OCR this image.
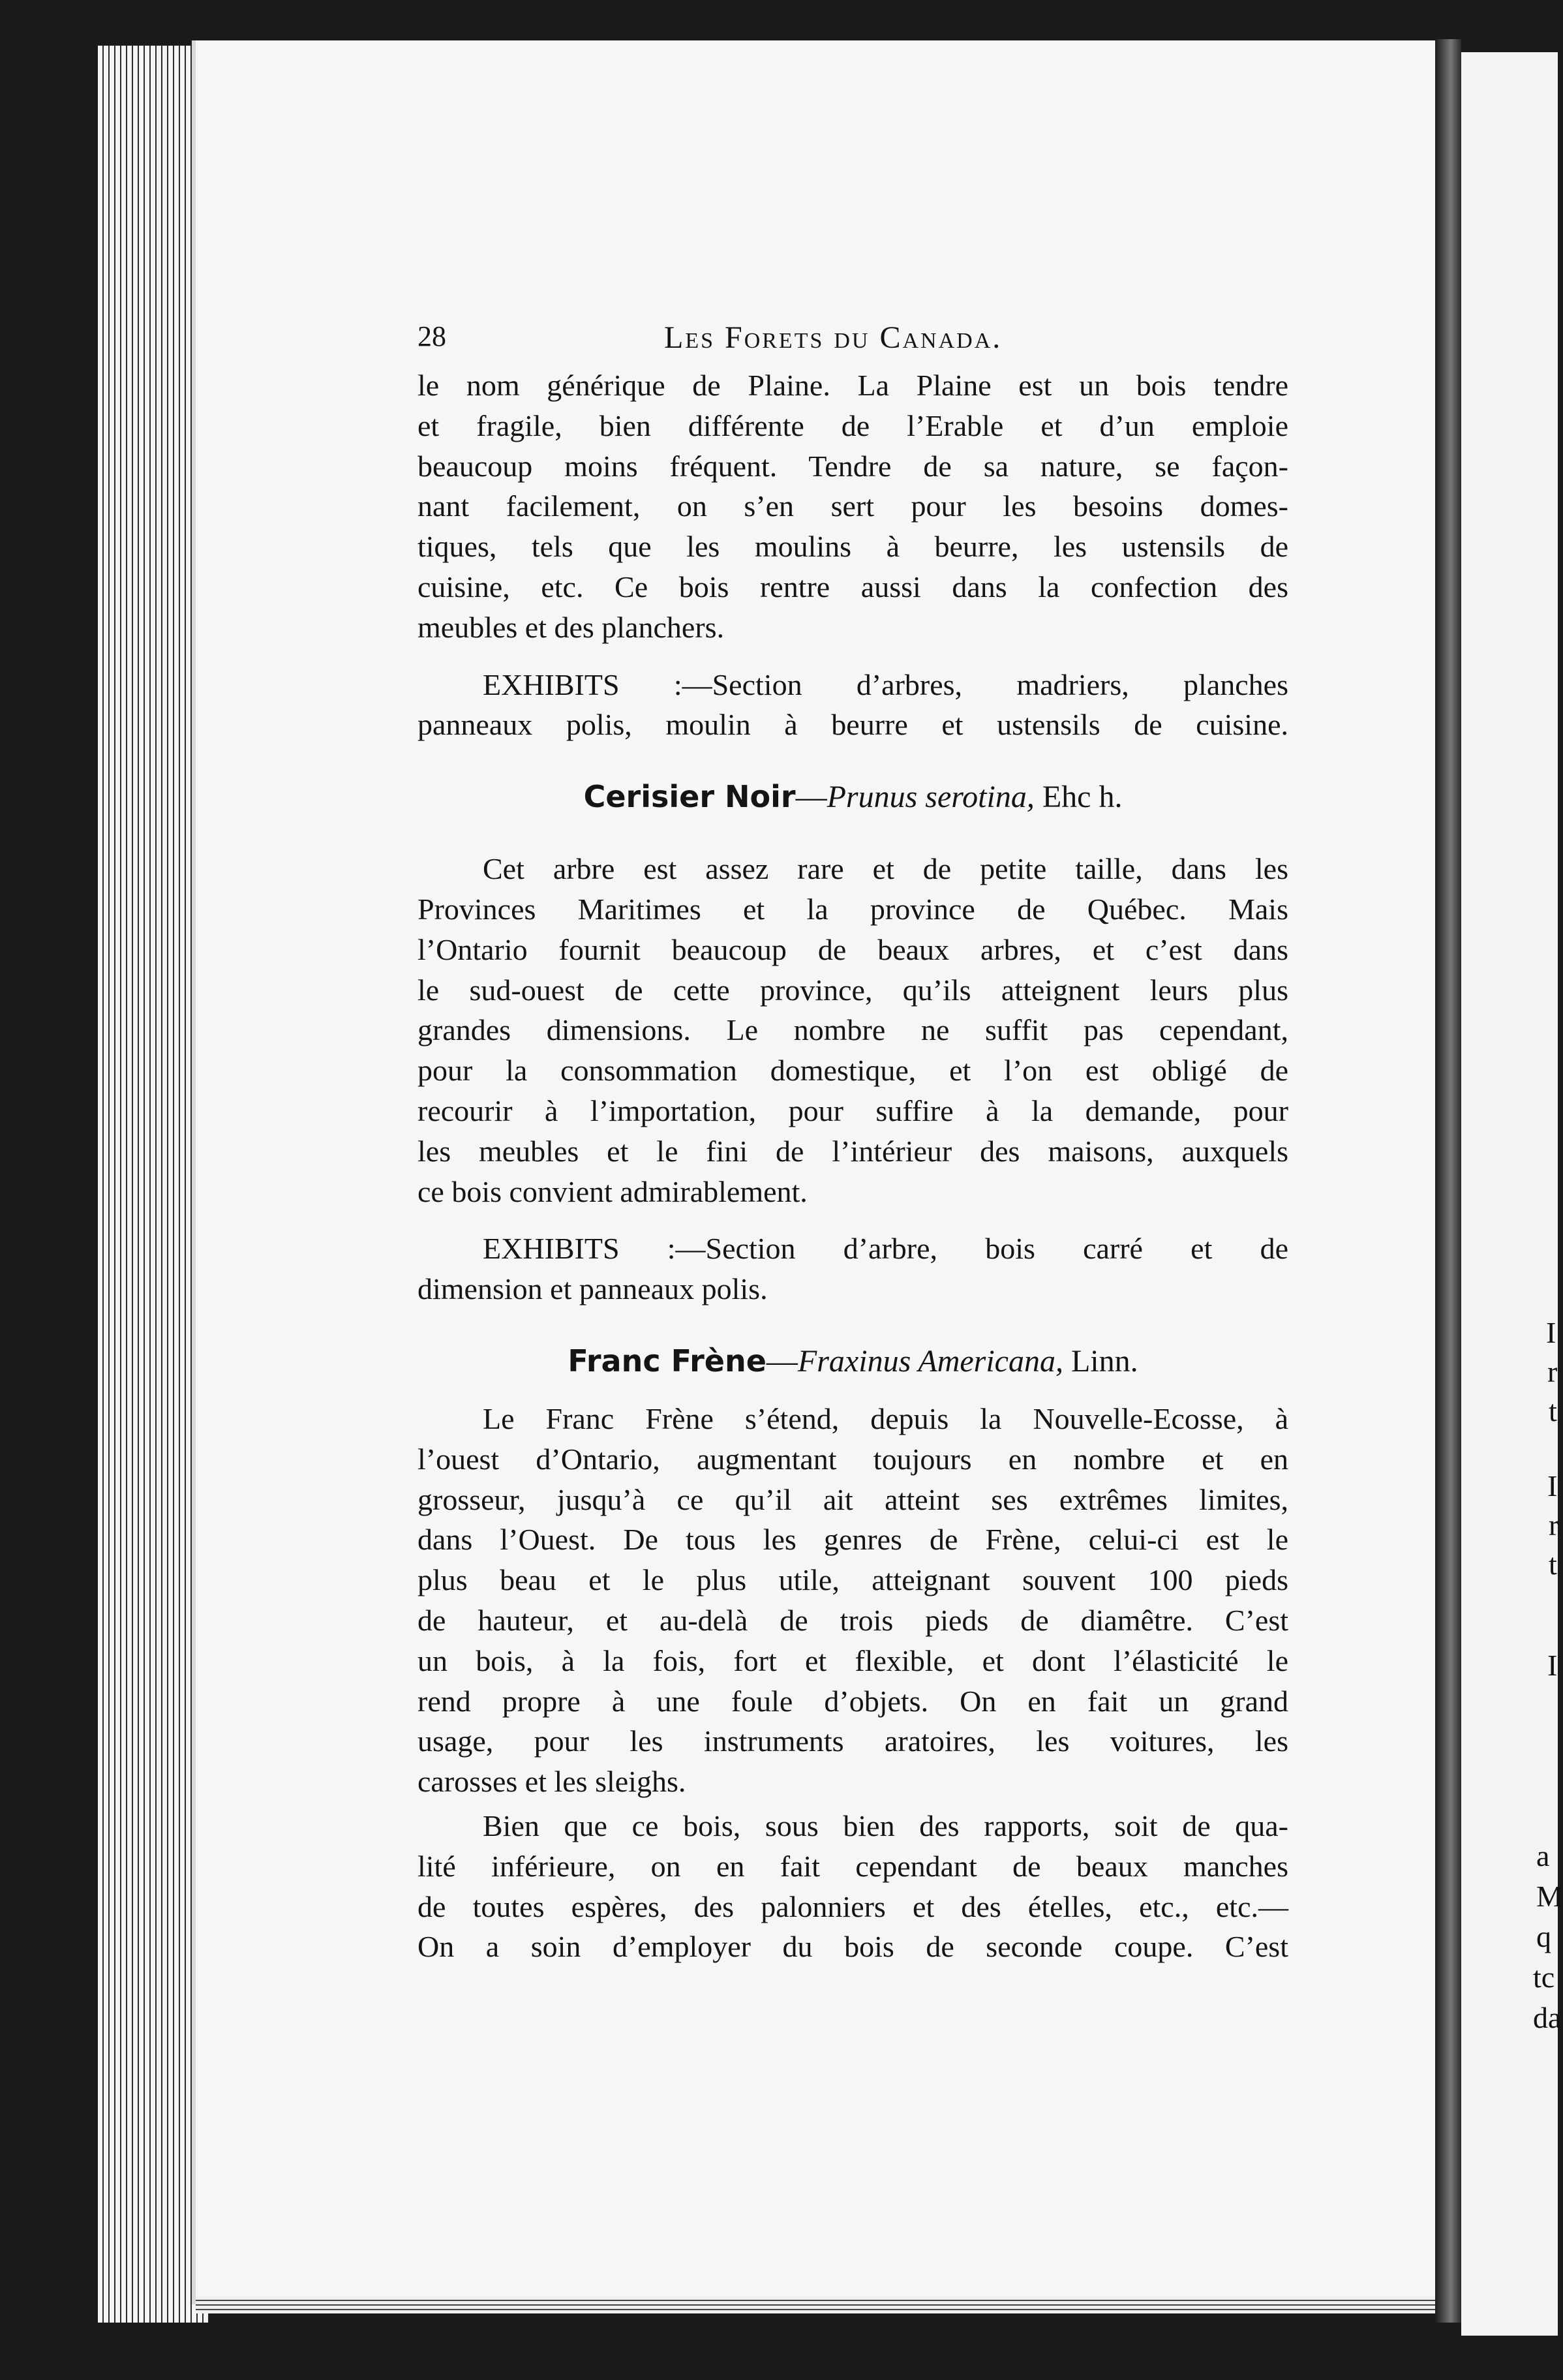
I
r
t
I
r
t
I
a
M
q
tc
da
28	Les Forets du Canada.

le nom générique de Plaine. La Plaine est un bois tendre
et fragile, bien différente de l’Erable et d’un emploie
beaucoup moins fréquent. Tendre de sa nature, se façon-
nant facilement, on s’en sert pour les besoins domes-
tiques, tels que les moulins à beurre, les ustensils de
cuisine, etc. Ce bois rentre aussi dans la confection des
meubles et des planchers.

EXHIBITS :—Section d’arbres, madriers, planches
panneaux polis, moulin à beurre et ustensils de cuisine.

Cerisier Noir—Prunus serotina, Ehc h.

Cet arbre est assez rare et de petite taille, dans les
Provinces Maritimes et la province de Québec. Mais
l’Ontario fournit beaucoup de beaux arbres, et c’est dans
le sud-ouest de cette province, qu’ils atteignent leurs plus
grandes dimensions. Le nombre ne suffit pas cependant,
pour la consommation domestique, et l’on est obligé de
recourir à l’importation, pour suffire à la demande, pour
les meubles et le fini de l’intérieur des maisons, auxquels
ce bois convient admirablement.

EXHIBITS :—Section d’arbre, bois carré et de
dimension et panneaux polis.

Franc Frène—Fraxinus Americana, Linn.

Le Franc Frène s’étend, depuis la Nouvelle-Ecosse, à
l’ouest d’Ontario, augmentant toujours en nombre et en
grosseur, jusqu’à ce qu’il ait atteint ses extrêmes limites,
dans l’Ouest. De tous les genres de Frène, celui-ci est le
plus beau et le plus utile, atteignant souvent 100 pieds
de hauteur, et au-delà de trois pieds de diamêtre. C’est
un bois, à la fois, fort et flexible, et dont l’élasticité le
rend propre à une foule d’objets. On en fait un grand
usage, pour les instruments aratoires, les voitures, les
carosses et les sleighs.

Bien que ce bois, sous bien des rapports, soit de qua-
lité inférieure, on en fait cependant de beaux manches
de toutes espères, des palonniers et des ételles, etc., etc.—
On a soin d’employer du bois de seconde coupe. C’est
